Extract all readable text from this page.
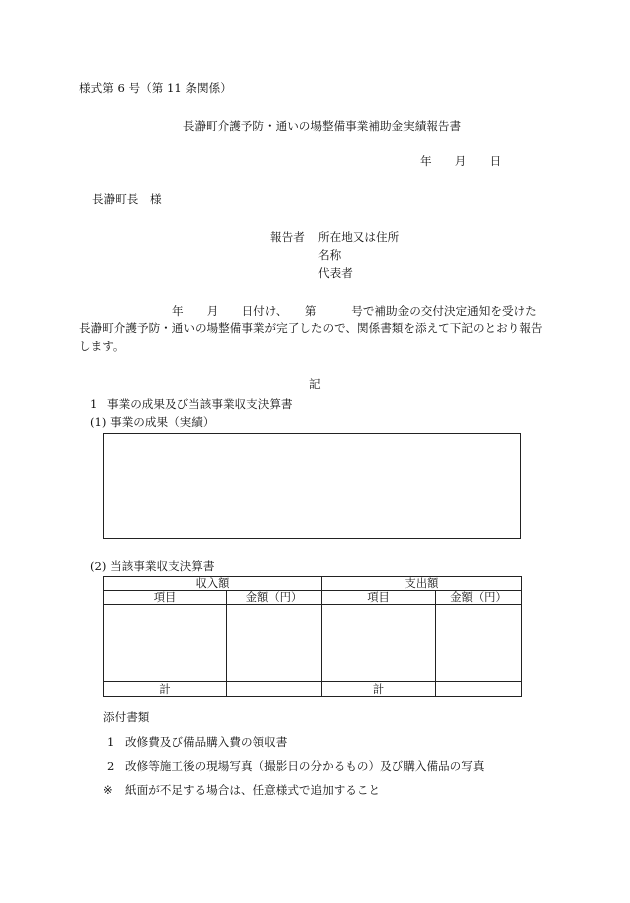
様式第 6 号（第 11 条関係）
長瀞町介護予防・通いの場整備事業補助金実績報告書
年　　月　　日
長瀞町長　様
報告者 所在地又は住所
名称
代表者
年　　月　　日付け、　　第　　　号で補助金の交付決定通知を受けた
長瀞町介護予防・通いの場整備事業が完了したので、関係書類を添えて下記のとおり報告
します。
記
1 事業の成果及び当該事業収支決算書
(1) 事業の成果（実績）
(2) 当該事業収支決算書
収入額		支出額	
項目	金額（円）	項目	金額（円）

計		計	
添付書類
1 改修費及び備品購入費の領収書
2 改修等施工後の現場写真（撮影日の分かるもの）及び購入備品の写真
※ 紙面が不足する場合は、任意様式で追加すること
